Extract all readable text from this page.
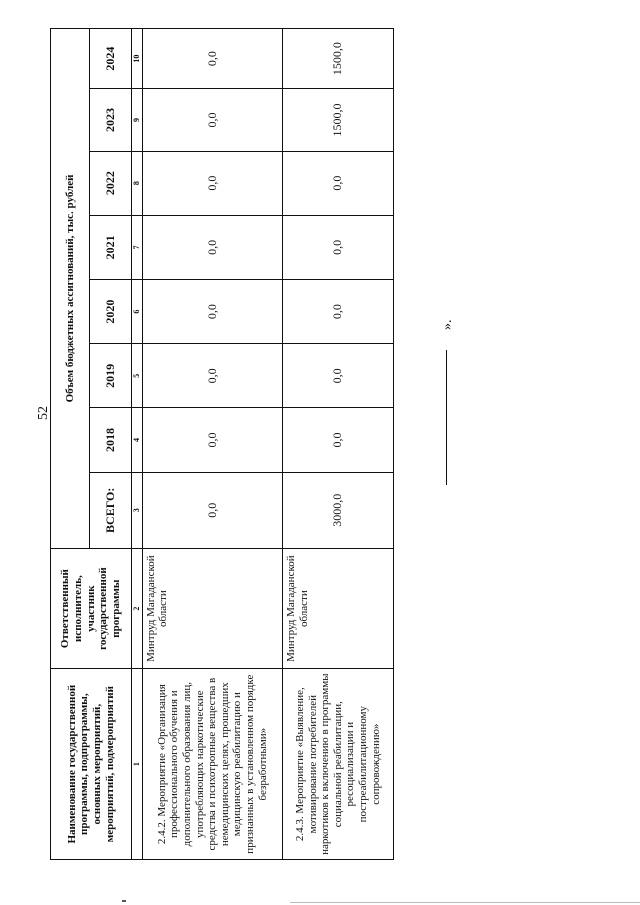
52
Наименование государственной программы, подпрограммы, основных мероприятий, мероприятий, подмероприятий	Ответственный исполнитель, участник государственной программы	Объем бюджетных ассигнований, тыс. рублей							
		ВСЕГО:	2018	2019	2020	2021	2022	2023	2024
1	2	3	4	5	6	7	8	9	10
2.4.2. Мероприятие «Организация профессионального обучения и дополнительного образования лиц, употребляющих наркотические средства и психотропные вещества в немедицинских целях, прошедших медицинскую реабилитацию и признанных в установленном порядке безработными»	Минтруд Магаданской области	0,0	0,0	0,0	0,0	0,0	0,0	0,0	0,0
2.4.3. Мероприятие «Выявление, мотивирование потребителей наркотиков к включению в программы социальной реабилитации, ресоциализации и постреабилитационному сопровождению»	Минтруд Магаданской области	3000,0	0,0	0,0	0,0	0,0	0,0	1500,0	1500,0
».
